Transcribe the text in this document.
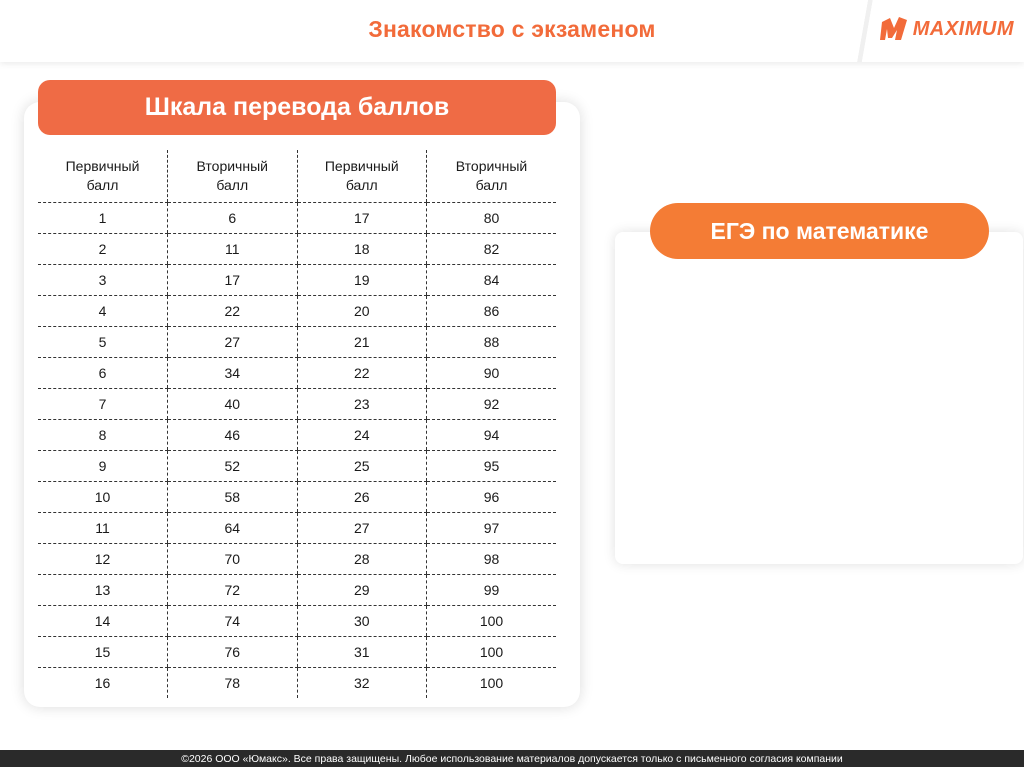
Знакомство с экзаменом	MAXIMUM
Шкала перевода баллов
Первичный балл	Вторичный балл	Первичный балл	Вторичный балл
1	6	17	80
2	11	18	82
3	17	19	84
4	22	20	86
5	27	21	88
6	34	22	90
7	40	23	92
8	46	24	94
9	52	25	95
10	58	26	96
11	64	27	97
12	70	28	98
13	72	29	99
14	74	30	100
15	76	31	100
16	78	32	100
ЕГЭ по математике
©2026 ООО «Юмакс». Все права защищены. Любое использование материалов допускается только с письменного согласия компании
